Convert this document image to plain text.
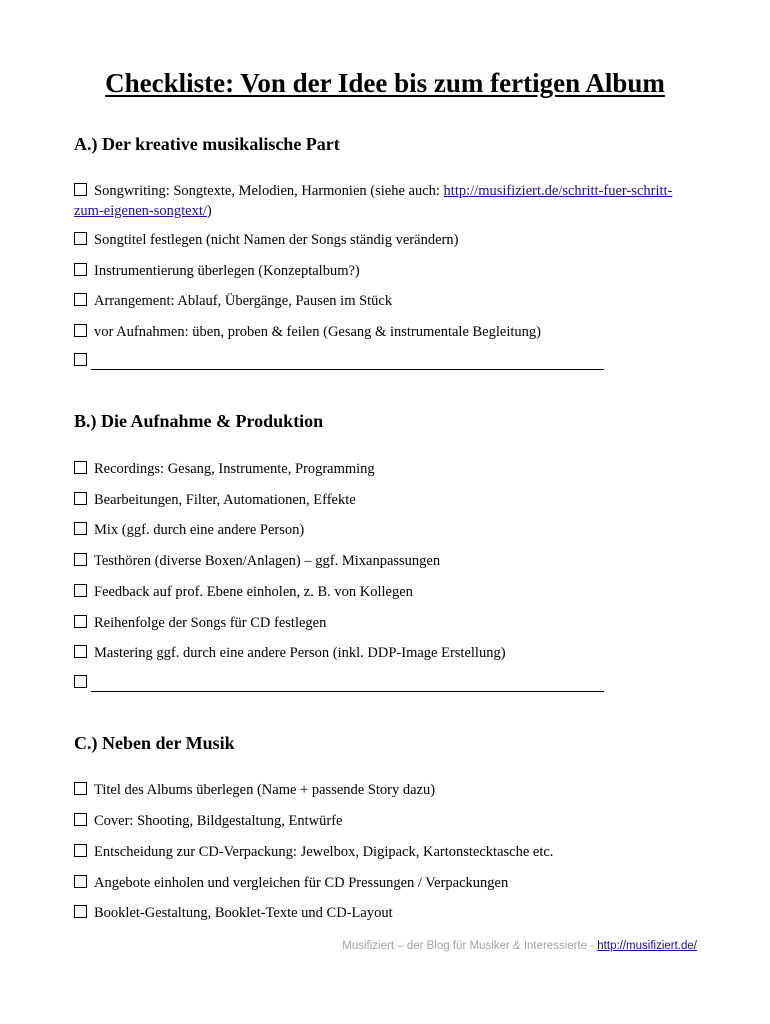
Checkliste: Von der Idee bis zum fertigen Album
A.) Der kreative musikalische Part
Songwriting: Songtexte, Melodien, Harmonien (siehe auch: http://musifiziert.de/schritt-fuer-schritt-zum-eigenen-songtext/)
Songtitel festlegen (nicht Namen der Songs ständig verändern)
Instrumentierung überlegen (Konzeptalbum?)
Arrangement: Ablauf, Übergänge, Pausen im Stück
vor Aufnahmen: üben, proben & feilen (Gesang & instrumentale Begleitung)
B.) Die Aufnahme & Produktion
Recordings: Gesang, Instrumente, Programming
Bearbeitungen, Filter, Automationen, Effekte
Mix (ggf. durch eine andere Person)
Testhören (diverse Boxen/Anlagen) – ggf. Mixanpassungen
Feedback auf prof. Ebene einholen, z. B. von Kollegen
Reihenfolge der Songs für CD festlegen
Mastering ggf. durch eine andere Person (inkl. DDP-Image Erstellung)
C.) Neben der Musik
Titel des Albums überlegen (Name + passende Story dazu)
Cover: Shooting, Bildgestaltung, Entwürfe
Entscheidung zur CD-Verpackung: Jewelbox, Digipack, Kartonstecktasche etc.
Angebote einholen und vergleichen für CD Pressungen / Verpackungen
Booklet-Gestaltung, Booklet-Texte und CD-Layout
Musifiziert – der Blog für Musiker & Interessierte - http://musifiziert.de/
